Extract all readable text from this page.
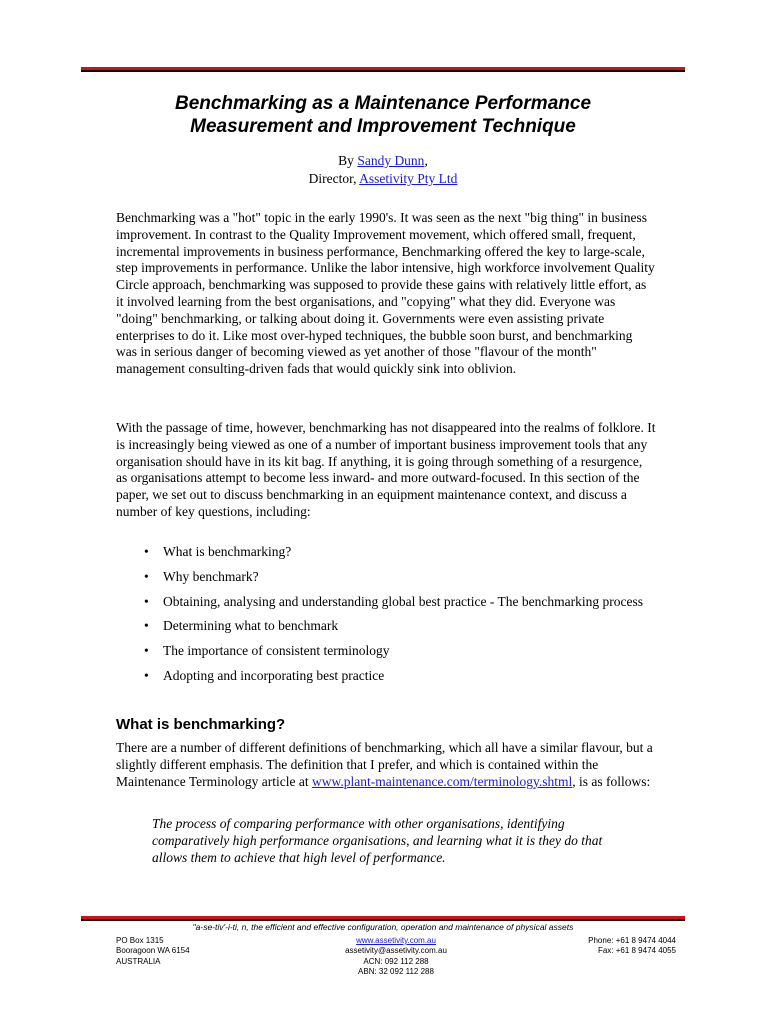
Benchmarking as a Maintenance Performance
Measurement and Improvement Technique
By Sandy Dunn,
Director, Assetivity Pty Ltd

Benchmarking was a "hot" topic in the early 1990's. It was seen as the next "big thing" in business improvement. In contrast to the Quality Improvement movement, which offered small, frequent, incremental improvements in business performance, Benchmarking offered the key to large-scale, step improvements in performance. Unlike the labor intensive, high workforce involvement Quality Circle approach, benchmarking was supposed to provide these gains with relatively little effort, as it involved learning from the best organisations, and "copying" what they did. Everyone was "doing" benchmarking, or talking about doing it. Governments were even assisting private enterprises to do it. Like most over-hyped techniques, the bubble soon burst, and benchmarking was in serious danger of becoming viewed as yet another of those "flavour of the month" management consulting-driven fads that would quickly sink into oblivion.

With the passage of time, however, benchmarking has not disappeared into the realms of folklore. It is increasingly being viewed as one of a number of important business improvement tools that any organisation should have in its kit bag. If anything, it is going through something of a resurgence, as organisations attempt to become less inward- and more outward-focused. In this section of the paper, we set out to discuss benchmarking in an equipment maintenance context, and discuss a number of key questions, including:

• What is benchmarking?
• Why benchmark?
• Obtaining, analysing and understanding global best practice - The benchmarking process
• Determining what to benchmark
• The importance of consistent terminology
• Adopting and incorporating best practice
What is benchmarking?

There are a number of different definitions of benchmarking, which all have a similar flavour, but a slightly different emphasis. The definition that I prefer, and which is contained within the Maintenance Terminology article at www.plant-maintenance.com/terminology.shtml, is as follows:

The process of comparing performance with other organisations, identifying comparatively high performance organisations, and learning what it is they do that allows them to achieve that high level of performance.
"a-se-tiv'-i-ti, n, the efficient and effective configuration, operation and maintenance of physical assets
PO Box 1315
Booragoon WA 6154
AUSTRALIA
www.assetivity.com.au
assetivity@assetivity.com.au
ACN: 092 112 288
ABN: 32 092 112 288
Phone: +61 8 9474 4044
Fax: +61 8 9474 4055
